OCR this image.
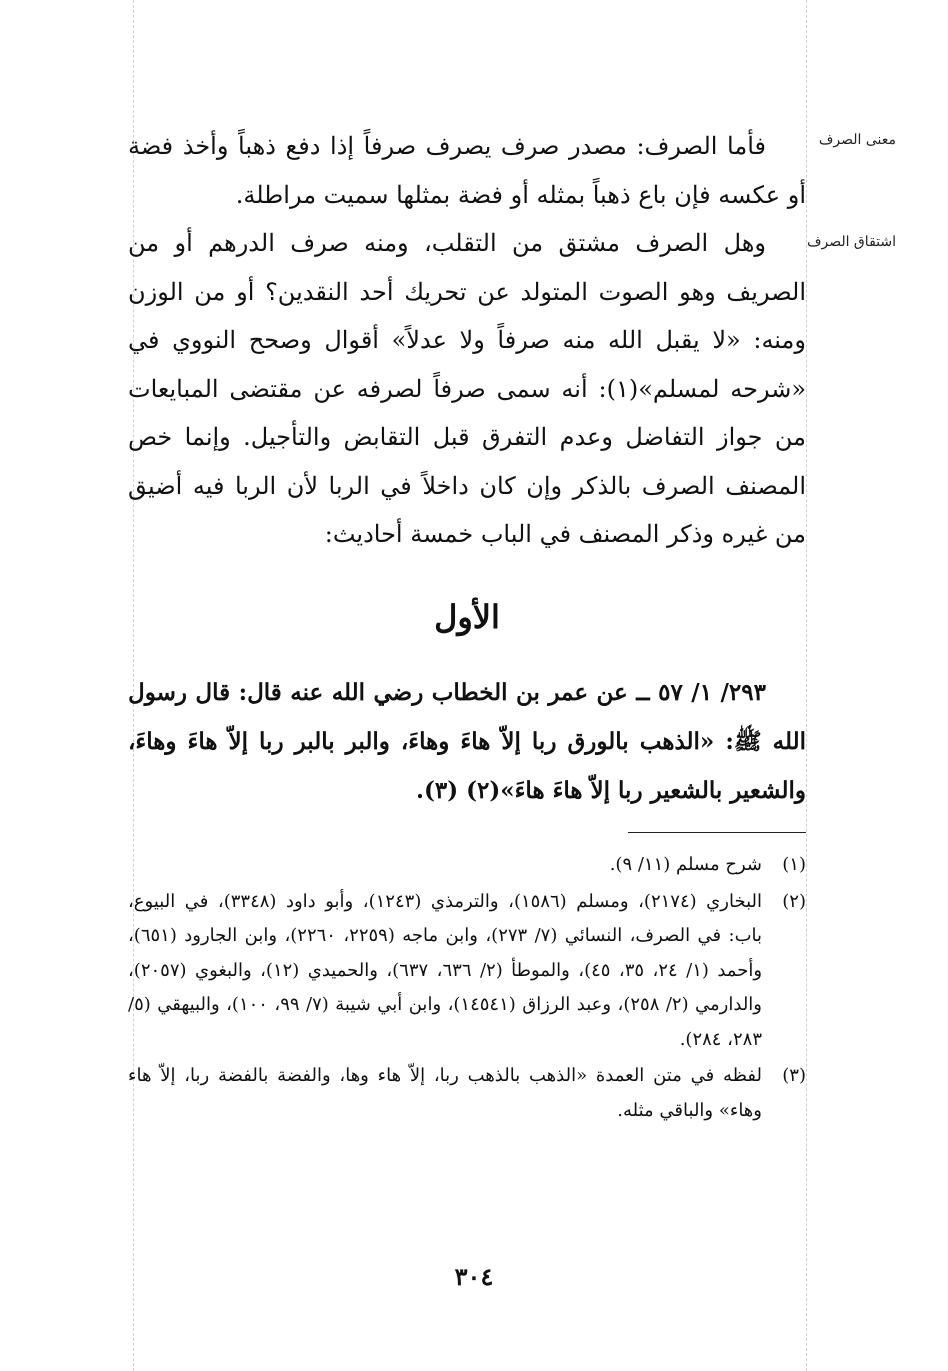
معنى الصرف
اشتقاق الصرف

فأما الصرف: مصدر صرف يصرف صرفاً إذا دفع ذهباً وأخذ فضة أو عكسه فإن باع ذهباً بمثله أو فضة بمثلها سميت مراطلة.

وهل الصرف مشتق من التقلب، ومنه صرف الدرهم أو من الصريف وهو الصوت المتولد عن تحريك أحد النقدين؟ أو من الوزن ومنه: «لا يقبل الله منه صرفاً ولا عدلاً» أقوال وصحح النووي في «شرحه لمسلم»(١): أنه سمى صرفاً لصرفه عن مقتضى المبايعات من جواز التفاضل وعدم التفرق قبل التقابض والتأجيل. وإنما خص المصنف الصرف بالذكر وإن كان داخلاً في الربا لأن الربا فيه أضيق من غيره وذكر المصنف في الباب خمسة أحاديث:

الأول

٢٩٣/ ١/ ٥٧ ــ عن عمر بن الخطاب رضي الله عنه قال: قال رسول الله ﷺ: «الذهب بالورق ربا إلاّ هاءَ وهاءَ، والبر بالبر ربا إلاّ هاءَ وهاءَ، والشعير بالشعير ربا إلاّ هاءَ هاءَ»(٢) (٣).

(١)
شرح مسلم (١١/ ٩).
(٢)
البخاري (٢١٧٤)، ومسلم (١٥٨٦)، والترمذي (١٢٤٣)، وأبو داود (٣٣٤٨)، في البيوع، باب: في الصرف، النسائي (٧/ ٢٧٣)، وابن ماجه (٢٢٥٩، ٢٢٦٠)، وابن الجارود (٦٥١)، وأحمد (١/ ٢٤، ٣٥، ٤٥)، والموطأ (٢/ ٦٣٦، ٦٣٧)، والحميدي (١٢)، والبغوي (٢٠٥٧)، والدارمي (٢/ ٢٥٨)، وعبد الرزاق (١٤٥٤١)، وابن أبي شيبة (٧/ ٩٩، ١٠٠)، والبيهقي (٥/ ٢٨٣، ٢٨٤).
(٣)
لفظه في متن العمدة «الذهب بالذهب ربا، إلاّ هاء وها، والفضة بالفضة ربا، إلاّ هاء وهاء» والباقي مثله.
٣٠٤
